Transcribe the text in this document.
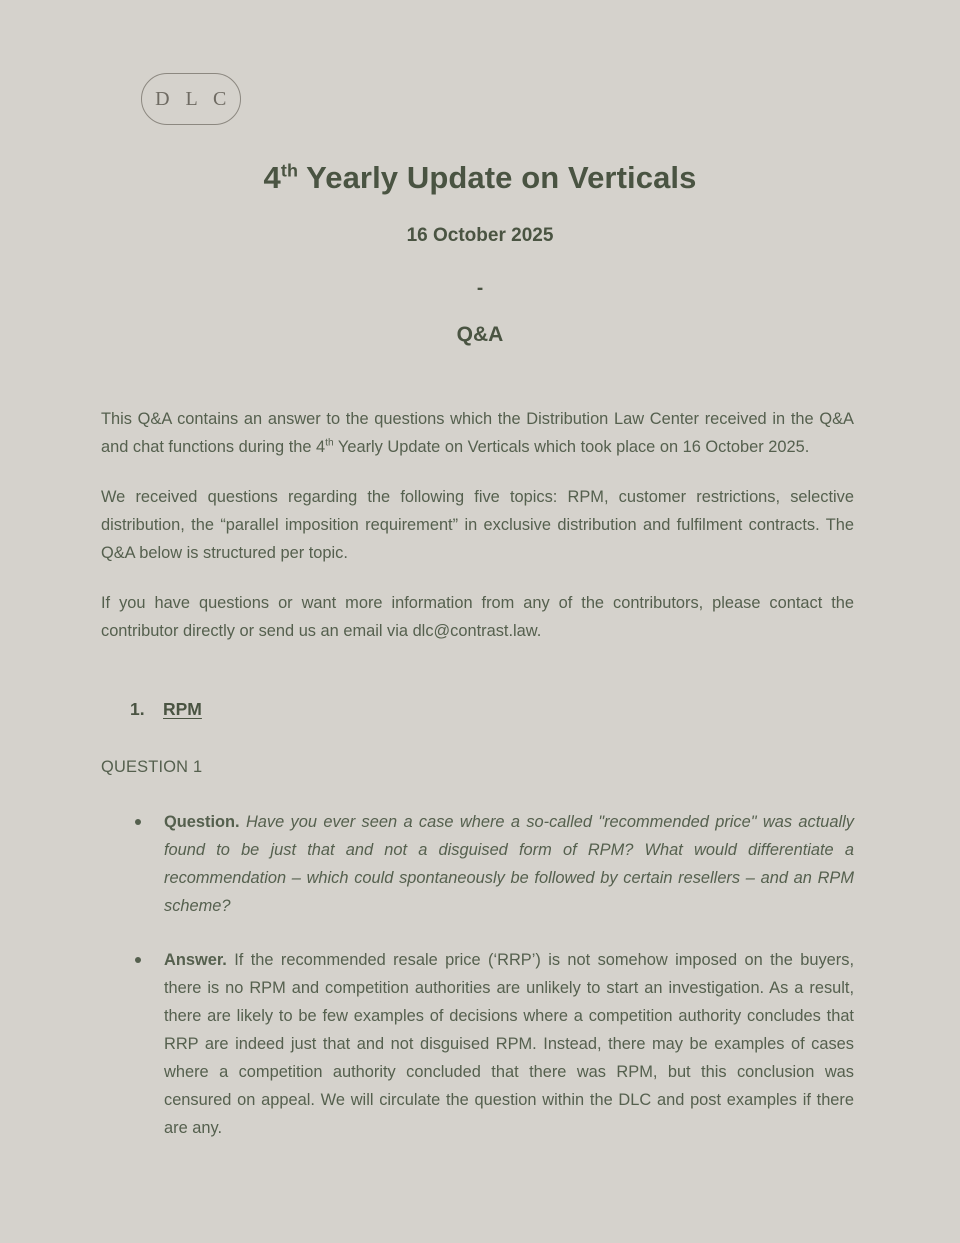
D L C
4th Yearly Update on Verticals
16 October 2025
-
Q&A

This Q&A contains an answer to the questions which the Distribution Law Center received in the Q&A and chat functions during the 4th Yearly Update on Verticals which took place on 16 October 2025.

We received questions regarding the following five topics: RPM, customer restrictions, selective distribution, the “parallel imposition requirement” in exclusive distribution and fulfilment contracts. The Q&A below is structured per topic.

If you have questions or want more information from any of the contributors, please contact the contributor directly or send us an email via dlc@contrast.law.

1. RPM
QUESTION 1
Question. Have you ever seen a case where a so-called "recommended price" was actually found to be just that and not a disguised form of RPM? What would differentiate a recommendation – which could spontaneously be followed by certain resellers – and an RPM scheme?
Answer. If the recommended resale price (‘RRP’) is not somehow imposed on the buyers, there is no RPM and competition authorities are unlikely to start an investigation. As a result, there are likely to be few examples of decisions where a competition authority concludes that RRP are indeed just that and not disguised RPM. Instead, there may be examples of cases where a competition authority concluded that there was RPM, but this conclusion was censured on appeal. We will circulate the question within the DLC and post examples if there are any.
